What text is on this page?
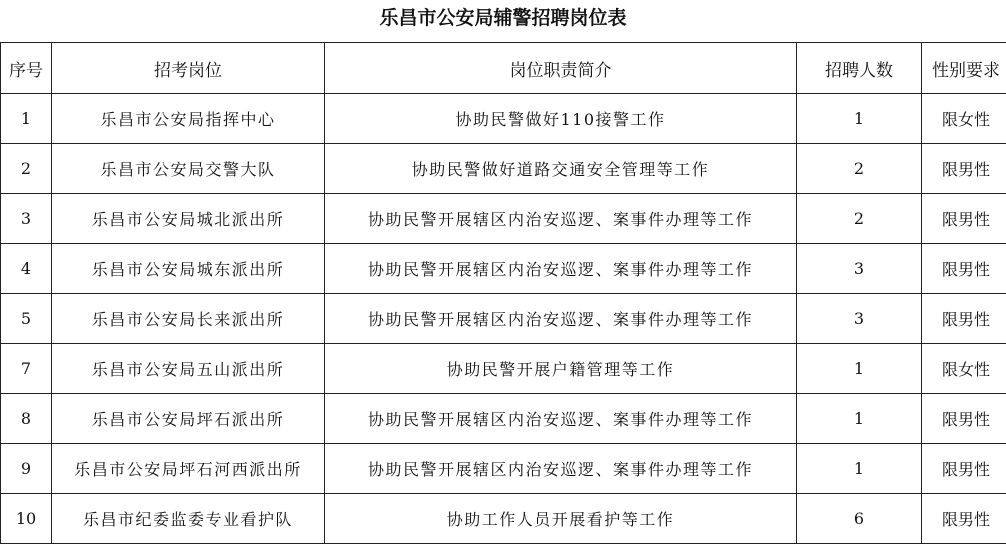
乐昌市公安局辅警招聘岗位表
序号	招考岗位	岗位职责简介	招聘人数	性别要求
1	乐昌市公安局指挥中心	协助民警做好110接警工作	1	限女性
2	乐昌市公安局交警大队	协助民警做好道路交通安全管理等工作	2	限男性
3	乐昌市公安局城北派出所	协助民警开展辖区内治安巡逻、案事件办理等工作	2	限男性
4	乐昌市公安局城东派出所	协助民警开展辖区内治安巡逻、案事件办理等工作	3	限男性
5	乐昌市公安局长来派出所	协助民警开展辖区内治安巡逻、案事件办理等工作	3	限男性
7	乐昌市公安局五山派出所	协助民警开展户籍管理等工作	1	限女性
8	乐昌市公安局坪石派出所	协助民警开展辖区内治安巡逻、案事件办理等工作	1	限男性
9	乐昌市公安局坪石河西派出所	协助民警开展辖区内治安巡逻、案事件办理等工作	1	限男性
10	乐昌市纪委监委专业看护队	协助工作人员开展看护等工作	6	限男性
